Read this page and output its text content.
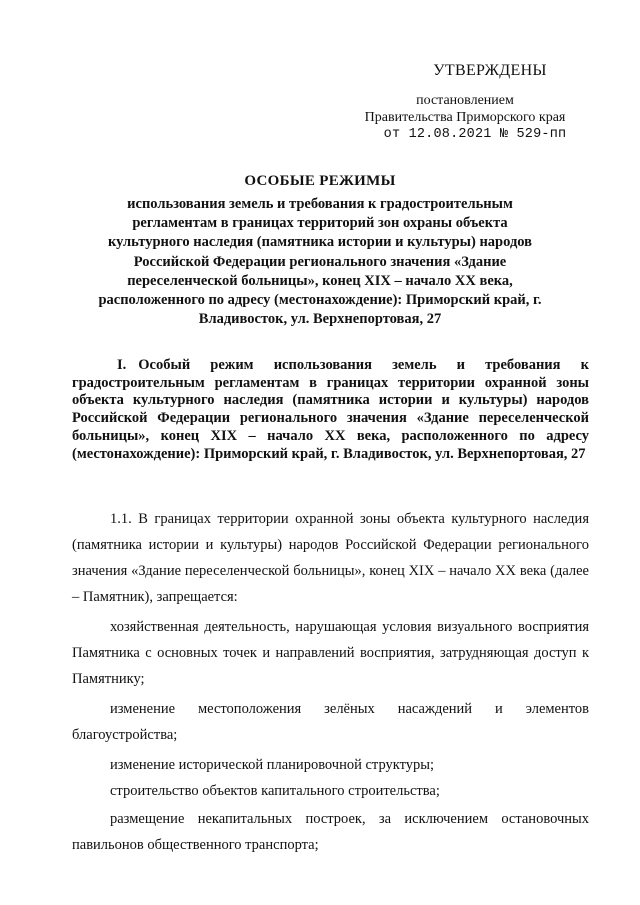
УТВЕРЖДЕНЫ
постановлением
Правительства Приморского края
от 12.08.2021 № 529-пп
ОСОБЫЕ РЕЖИМЫ
использования земель и требования к градостроительным регламентам в границах территорий зон охраны объекта культурного наследия (памятника истории и культуры) народов Российской Федерации регионального значения «Здание переселенческой больницы», конец XIX – начало XX века, расположенного по адресу (местонахождение): Приморский край, г. Владивосток, ул. Верхнепортовая, 27
I. Особый режим использования земель и требования к градостроительным регламентам в границах территории охранной зоны объекта культурного наследия (памятника истории и культуры) народов Российской Федерации регионального значения «Здание переселенческой больницы», конец XIX – начало XX века, расположенного по адресу (местонахождение): Приморский край, г. Владивосток, ул. Верхнепортовая, 27
1.1. В границах территории охранной зоны объекта культурного наследия (памятника истории и культуры) народов Российской Федерации регионального значения «Здание переселенческой больницы», конец XIX – начало XX века (далее – Памятник), запрещается:
хозяйственная деятельность, нарушающая условия визуального восприятия Памятника с основных точек и направлений восприятия, затрудняющая доступ к Памятнику;
изменение местоположения зелёных насаждений и элементов благоустройства;
изменение исторической планировочной структуры;
строительство объектов капитального строительства;
размещение некапитальных построек, за исключением остановочных павильонов общественного транспорта;
